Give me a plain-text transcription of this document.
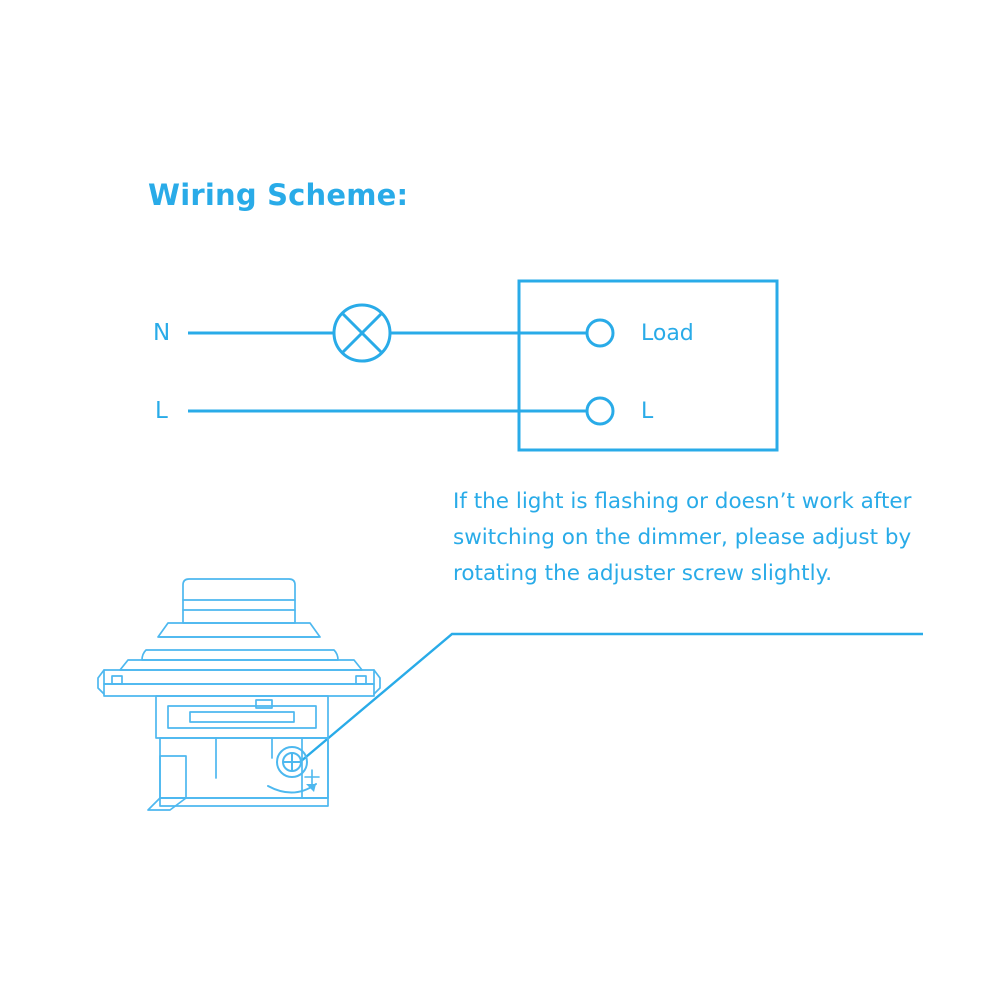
Wiring Scheme:
N
L
Load
L
If the light is flashing or doesn’t work after switching on the dimmer, please adjust by rotating the adjuster screw slightly.
